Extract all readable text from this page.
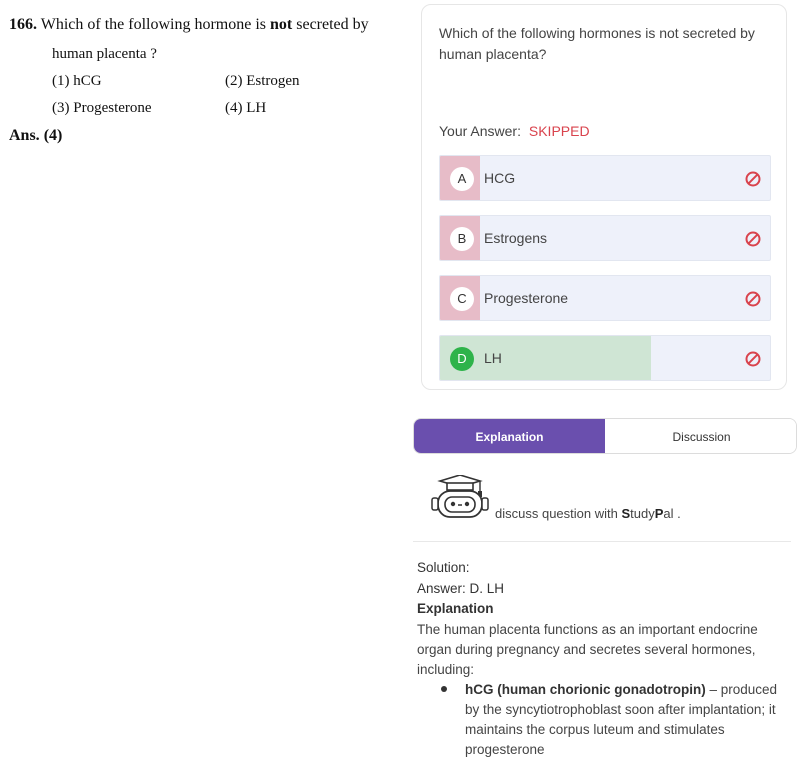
166. Which of the following hormone is not secreted by
human placenta ?
(1) hCG	(2) Estrogen
(3) Progesterone	(4) LH
Ans. (4)
Which of the following hormones is not secreted by human placenta?
Your Answer: SKIPPED
A	HCG
B	Estrogens
C	Progesterone
D	LH
Explanation	Discussion
discuss question with StudyPal .
Solution:
Answer: D. LH
Explanation
The human placenta functions as an important endocrine organ during pregnancy and secretes several hormones, including:
hCG (human chorionic gonadotropin) – produced by the syncytiotrophoblast soon after implantation; it maintains the corpus luteum and stimulates progesterone
